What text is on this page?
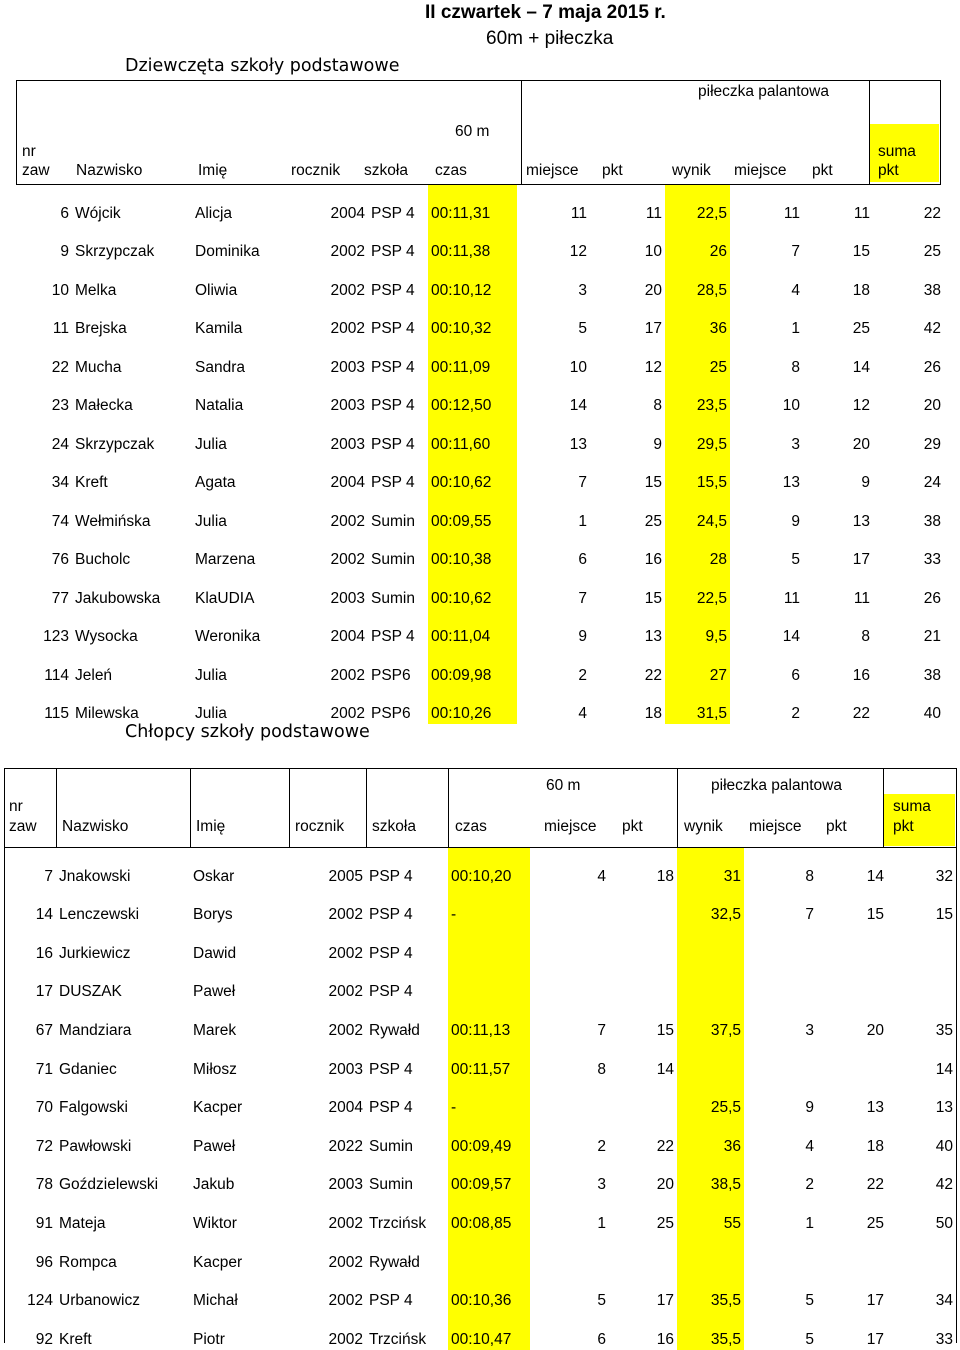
II czwartek – 7 maja 2015 r.
60m + piłeczka
Dziewczęta szkoły podstawowe
piłeczka palantowa
60 m
nr
zaw Nazwisko	Imię	rocznik szkoła czas	miejsce pkt	wynik miejsce pkt
suma
pkt
6	Wójcik	Alicja	2004	PSP 4	00:11,31	11	11	22,5	11	11	22
9	Skrzypczak	Dominika	2002	PSP 4	00:11,38	12	10	26	7	15	25
10	Melka	Oliwia	2002	PSP 4	00:10,12	3	20	28,5	4	18	38
11	Brejska	Kamila	2002	PSP 4	00:10,32	5	17	36	1	25	42
22	Mucha	Sandra	2003	PSP 4	00:11,09	10	12	25	8	14	26
23	Małecka	Natalia	2003	PSP 4	00:12,50	14	8	23,5	10	12	20
24	Skrzypczak	Julia	2003	PSP 4	00:11,60	13	9	29,5	3	20	29
34	Kreft	Agata	2004	PSP 4	00:10,62	7	15	15,5	13	9	24
74	Wełmińska	Julia	2002	Sumin	00:09,55	1	25	24,5	9	13	38
76	Bucholc	Marzena	2002	Sumin	00:10,38	6	16	28	5	17	33
77	Jakubowska	KlaUDIA	2003	Sumin	00:10,62	7	15	22,5	11	11	26
123	Wysocka	Weronika	2004	PSP 4	00:11,04	9	13	9,5	14	8	21
114	Jeleń	Julia	2002	PSP6	00:09,98	2	22	27	6	16	38
115	Milewska	Julia	2002	PSP6	00:10,26	4	18	31,5	2	22	40
Chłopcy szkoły podstawowe
60 m	piłeczka palantowa
nr
zaw Nazwisko	Imię	rocznik szkoła	czas	miejsce pkt	wynik miejsce pkt
suma
pkt
7	Jnakowski	Oskar	2005	PSP 4	00:10,20	4	18	31	8	14	32
14	Lenczewski	Borys	2002	PSP 4	-			32,5	7	15	15
16	Jurkiewicz	Dawid	2002	PSP 4							
17	DUSZAK	Paweł	2002	PSP 4							
67	Mandziara	Marek	2002	Rywałd	00:11,13	7	15	37,5	3	20	35
71	Gdaniec	Miłosz	2003	PSP 4	00:11,57	8	14				14
70	Falgowski	Kacper	2004	PSP 4	-			25,5	9	13	13
72	Pawłowski	Paweł	2022	Sumin	00:09,49	2	22	36	4	18	40
78	Goździelewski	Jakub	2003	Sumin	00:09,57	3	20	38,5	2	22	42
91	Mateja	Wiktor	2002	Trzcińsk	00:08,85	1	25	55	1	25	50
96	Rompca	Kacper	2002	Rywałd							
124	Urbanowicz	Michał	2002	PSP 4	00:10,36	5	17	35,5	5	17	34
92	Kreft	Piotr	2002	Trzcińsk	00:10,47	6	16	35,5	5	17	33
